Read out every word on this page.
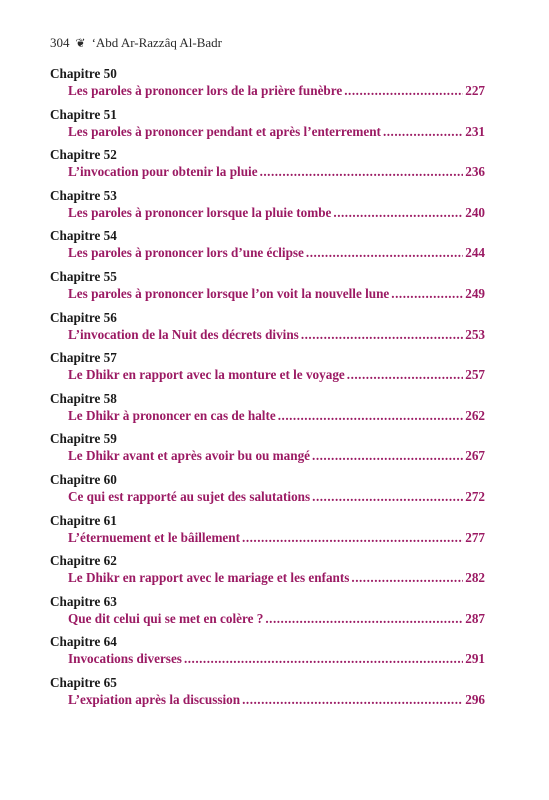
304 ❦ ‘Abd Ar-Razzâq Al-Badr
Chapitre 50
Les paroles à prononcer lors de la prière funèbre .....	227
Chapitre 51
Les paroles à prononcer pendant et après l’enterrement .....	231
Chapitre 52
L’invocation pour obtenir la pluie .....	236
Chapitre 53
Les paroles à prononcer lorsque la pluie tombe .....	240
Chapitre 54
Les paroles à prononcer lors d’une éclipse .....	244
Chapitre 55
Les paroles à prononcer lorsque l’on voit la nouvelle lune .....	249
Chapitre 56
L’invocation de la Nuit des décrets divins .....	253
Chapitre 57
Le Dhikr en rapport avec la monture et le voyage .....	257
Chapitre 58
Le Dhikr à prononcer en cas de halte .....	262
Chapitre 59
Le Dhikr avant et après avoir bu ou mangé .....	267
Chapitre 60
Ce qui est rapporté au sujet des salutations .....	272
Chapitre 61
L’éternuement et le bâillement .....	277
Chapitre 62
Le Dhikr en rapport avec le mariage et les enfants .....	282
Chapitre 63
Que dit celui qui se met en colère ? .....	287
Chapitre 64
Invocations diverses .....	291
Chapitre 65
L’expiation après la discussion .....	296
